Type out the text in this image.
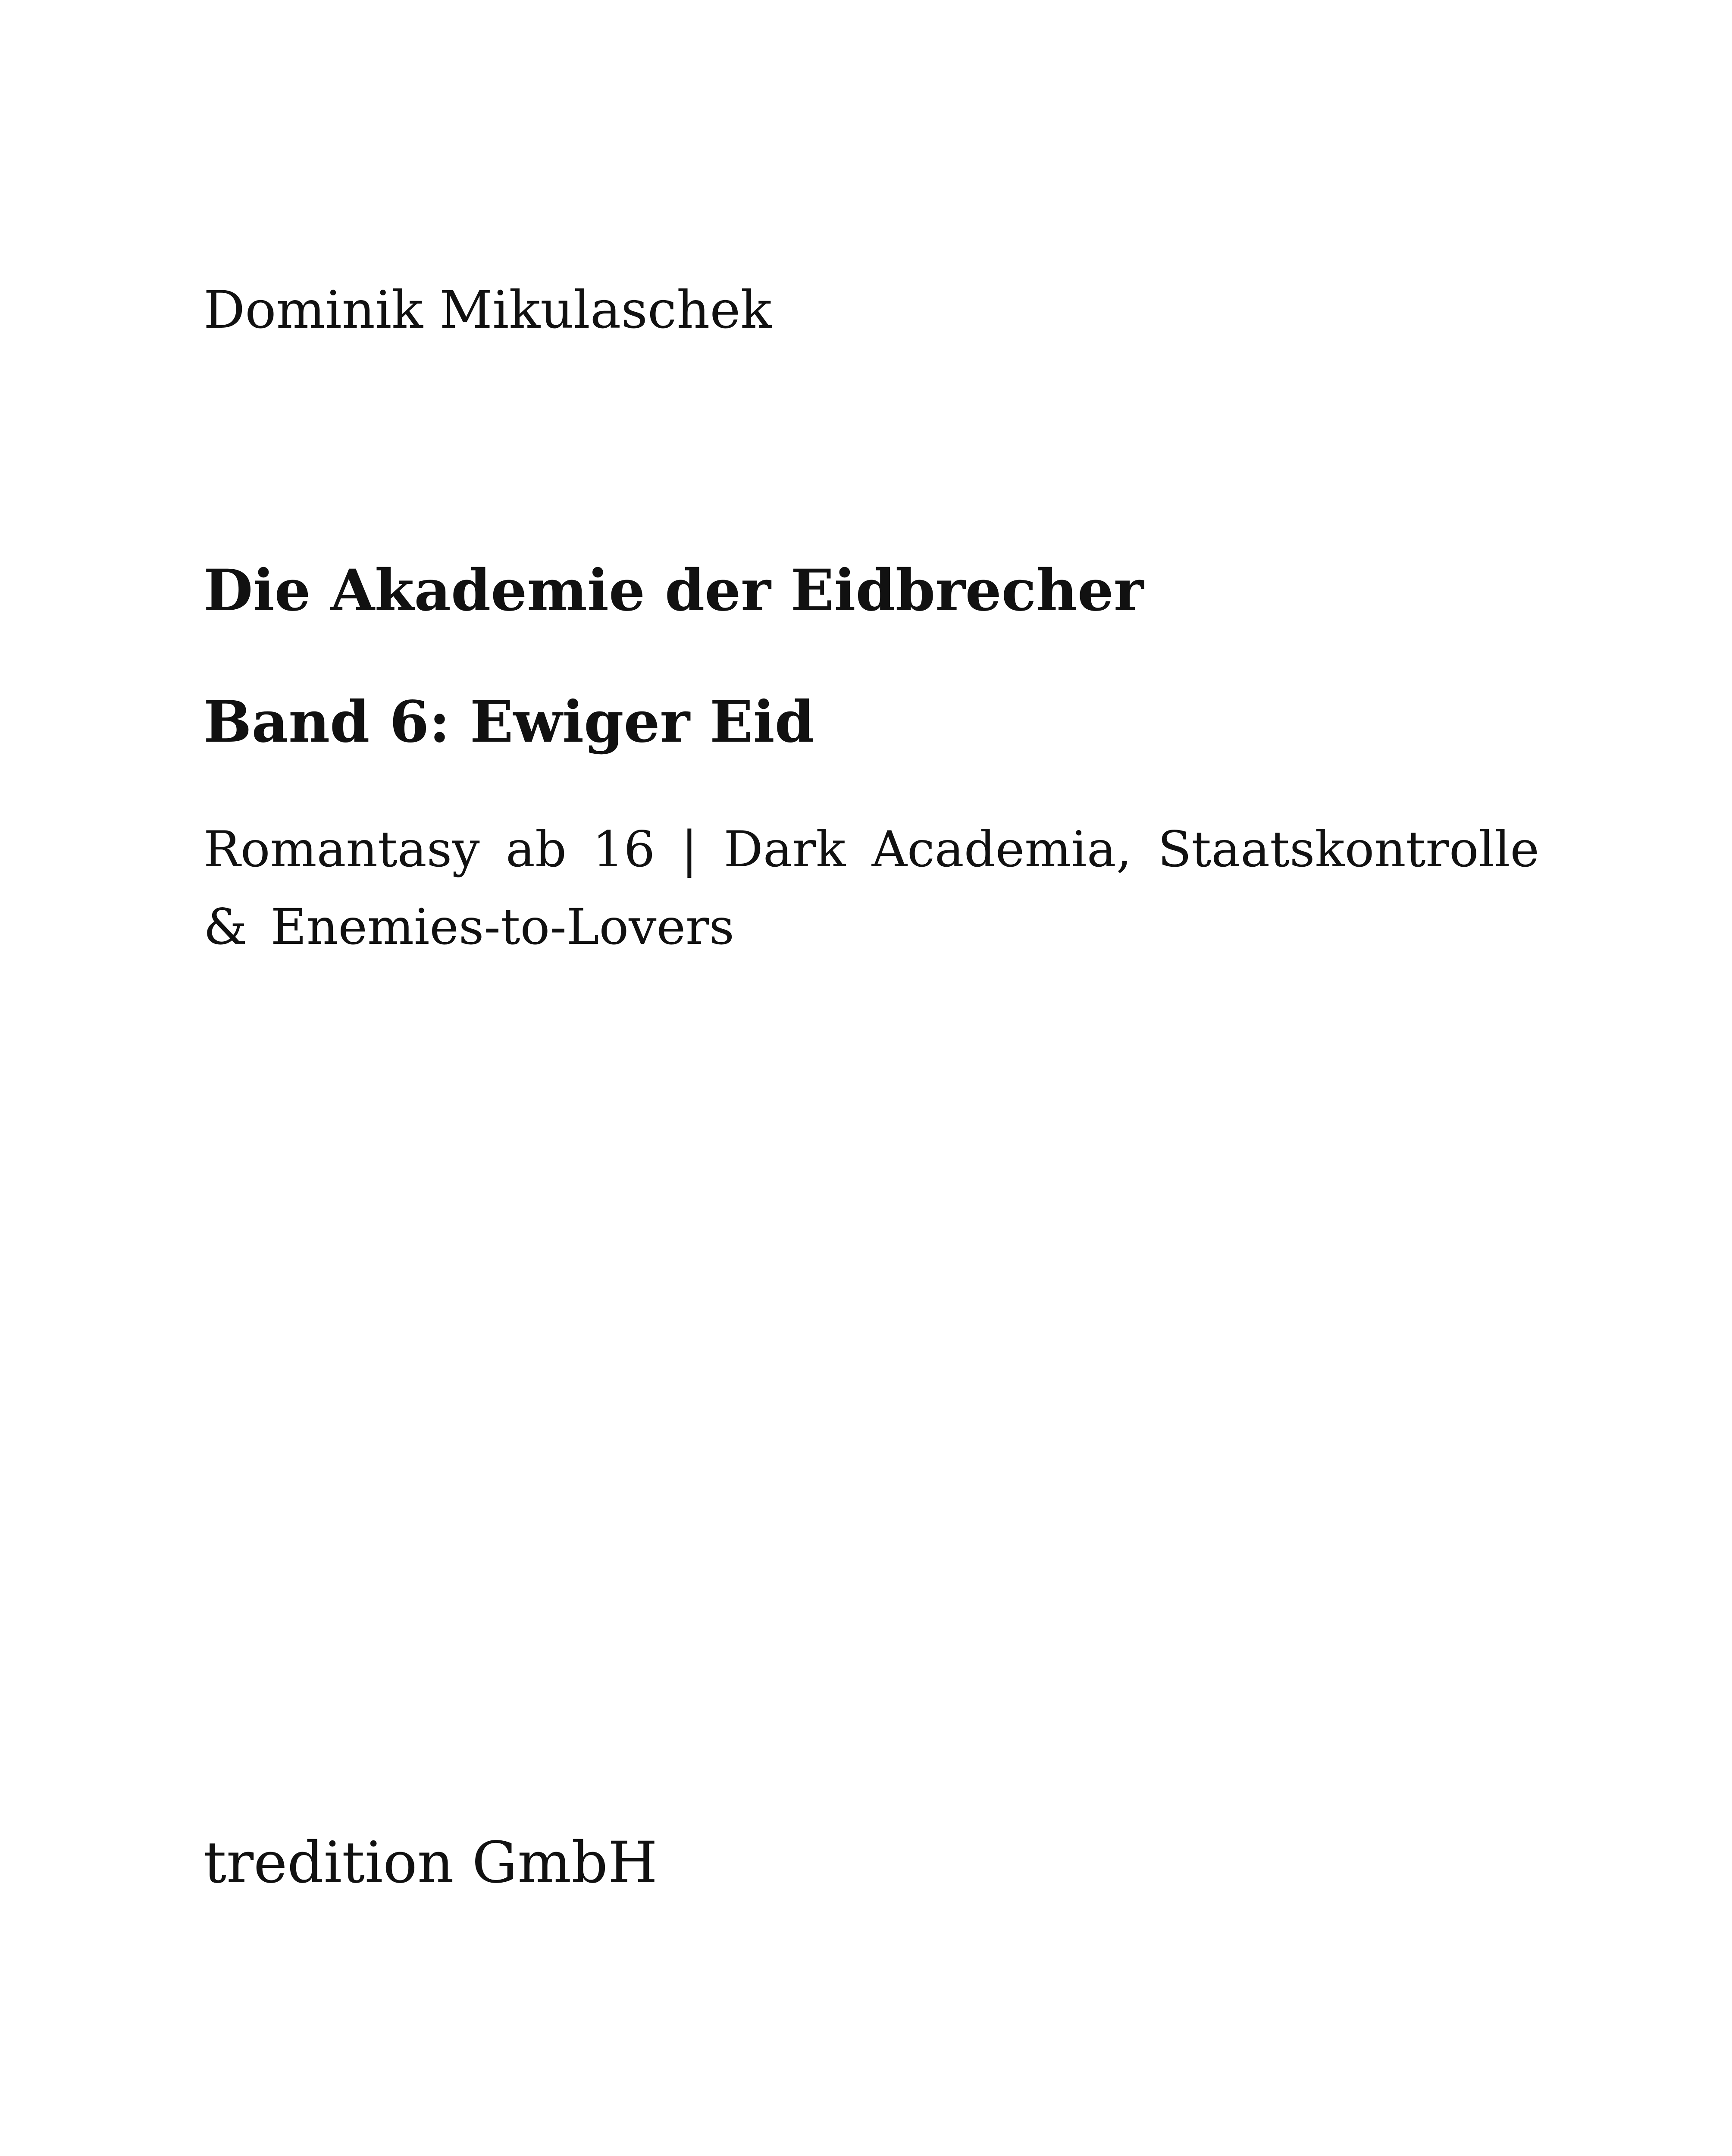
Dominik Mikulaschek

Die Akademie der Eidbrecher
Band 6: Ewiger Eid

Romantasy ab 16 | Dark Academia, Staatskontrolle & Enemies-to-Lovers

tredition GmbH
